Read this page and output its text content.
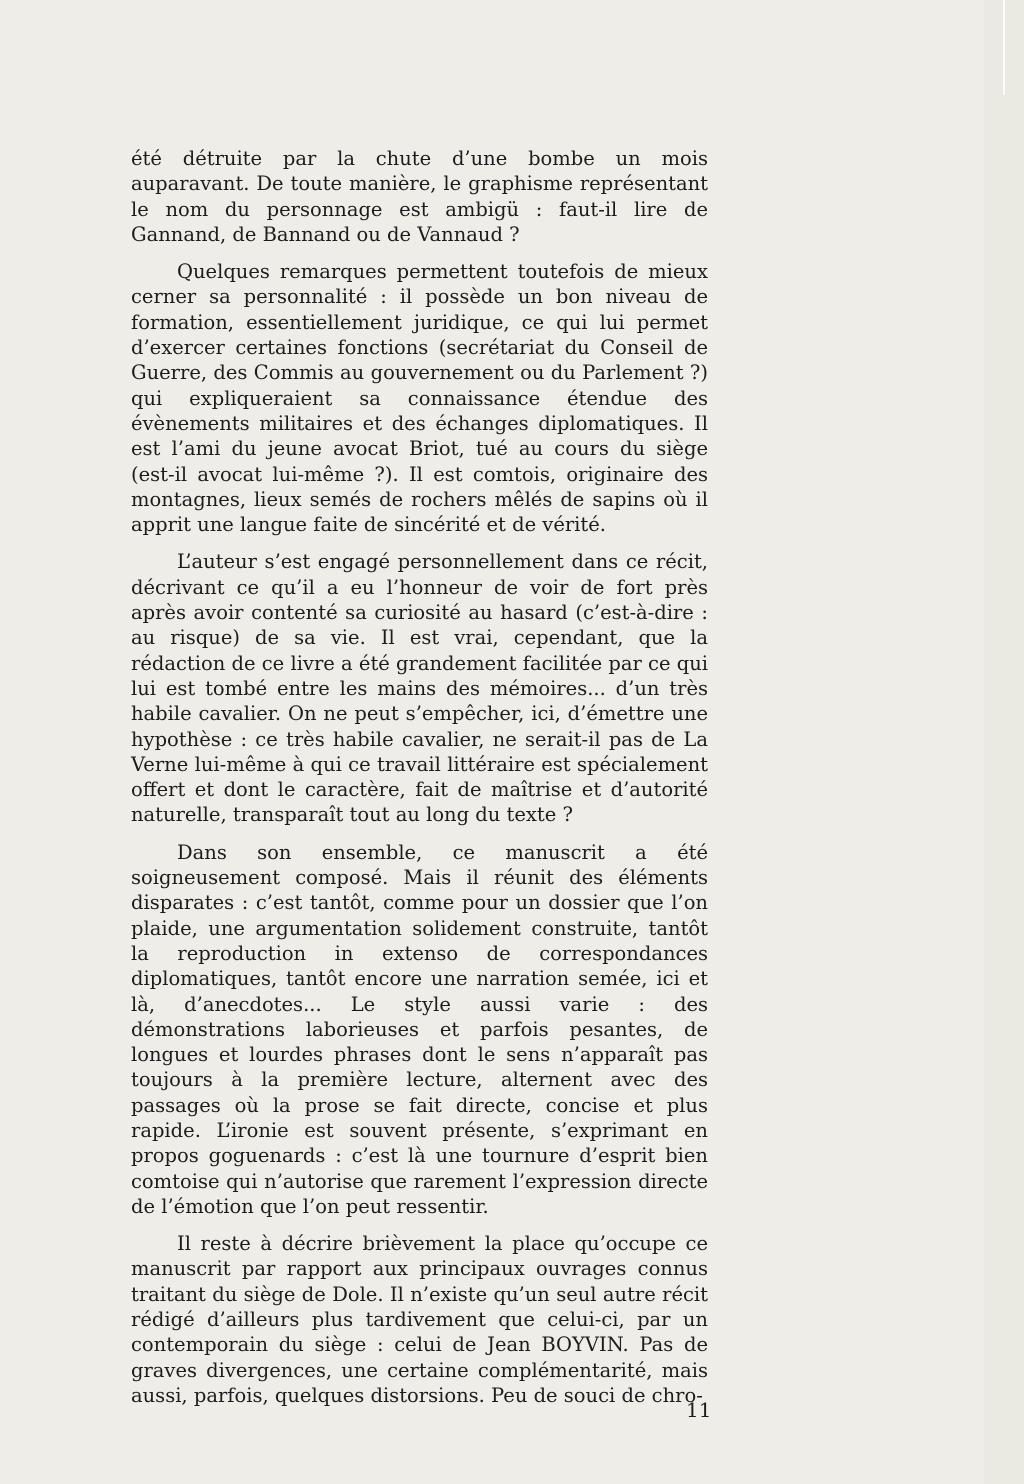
été détruite par la chute d’une bombe un mois auparavant. De toute manière, le graphisme représentant le nom du personnage est ambigü : faut-il lire de Gannand, de Bannand ou de Vannaud ?

Quelques remarques permettent toutefois de mieux cerner sa personnalité : il possède un bon niveau de formation, essentiellement juridique, ce qui lui permet d’exercer certaines fonctions (secrétariat du Conseil de Guerre, des Commis au gouvernement ou du Parlement ?) qui expliqueraient sa connaissance étendue des évènements militaires et des échanges diplomatiques. Il est l’ami du jeune avocat Briot, tué au cours du siège (est-il avocat lui-même ?). Il est comtois, originaire des montagnes, lieux semés de rochers mêlés de sapins où il apprit une langue faite de sincérité et de vérité.

L’auteur s’est engagé personnellement dans ce récit, décrivant ce qu’il a eu l’honneur de voir de fort près après avoir contenté sa curiosité au hasard (c’est-à-dire : au risque) de sa vie. Il est vrai, cependant, que la rédaction de ce livre a été grandement facilitée par ce qui lui est tombé entre les mains des mémoires... d’un très habile cavalier. On ne peut s’empêcher, ici, d’émettre une hypothèse : ce très habile cavalier, ne serait-il pas de La Verne lui-même à qui ce travail littéraire est spécialement offert et dont le caractère, fait de maîtrise et d’autorité naturelle, transparaît tout au long du texte ?

Dans son ensemble, ce manuscrit a été soigneusement composé. Mais il réunit des éléments disparates : c’est tantôt, comme pour un dossier que l’on plaide, une argumentation solidement construite, tantôt la reproduction in extenso de correspondances diplomatiques, tantôt encore une narration semée, ici et là, d’anecdotes... Le style aussi varie : des démonstrations laborieuses et parfois pesantes, de longues et lourdes phrases dont le sens n’apparaît pas toujours à la première lecture, alternent avec des passages où la prose se fait directe, concise et plus rapide. L’ironie est souvent présente, s’exprimant en propos goguenards : c’est là une tournure d’esprit bien comtoise qui n’autorise que rarement l’expression directe de l’émotion que l’on peut ressentir.

Il reste à décrire brièvement la place qu’occupe ce manuscrit par rapport aux principaux ouvrages connus traitant du siège de Dole. Il n’existe qu’un seul autre récit rédigé d’ailleurs plus tardivement que celui-ci, par un contemporain du siège : celui de Jean BOYVIN. Pas de graves divergences, une certaine complémentarité, mais aussi, parfois, quelques distorsions. Peu de souci de chro-

11
